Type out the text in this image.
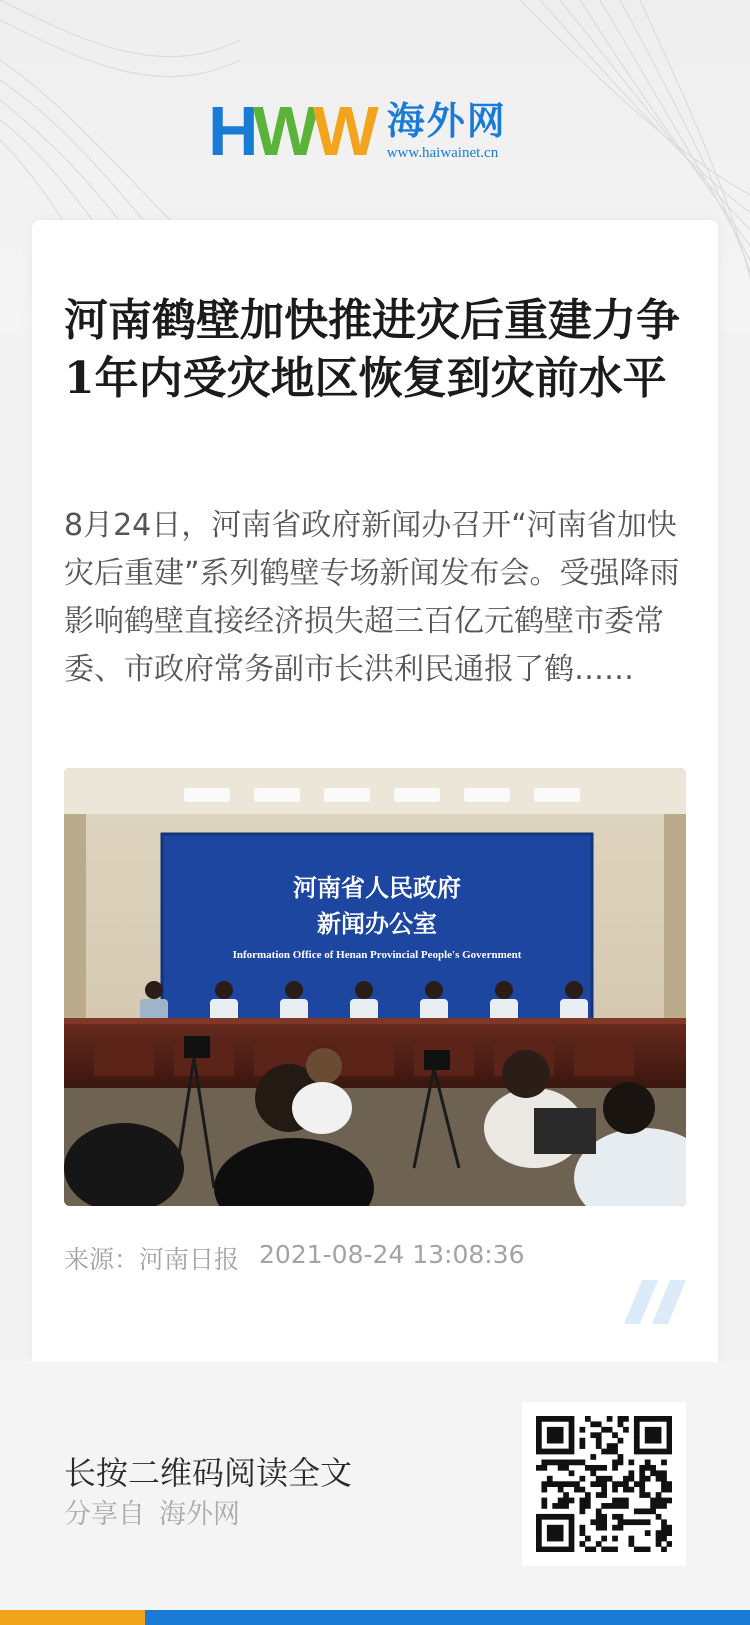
H W W 海外网
www.haiwainet.cn
河南鹤壁加快推进灾后重建力争1年内受灾地区恢复到灾前水平

8月24日，河南省政府新闻办召开“河南省加快灾后重建”系列鹤壁专场新闻发布会。受强降雨影响鹤壁直接经济损失超三百亿元鹤壁市委常委、市政府常务副市长洪利民通报了鹤……

河南省人民政府
新闻办公室
Information Office of Henan Provincial People's Government
来源：河南日报 2021-08-24 13:08:36
长按二维码阅读全文
分享自 海外网
